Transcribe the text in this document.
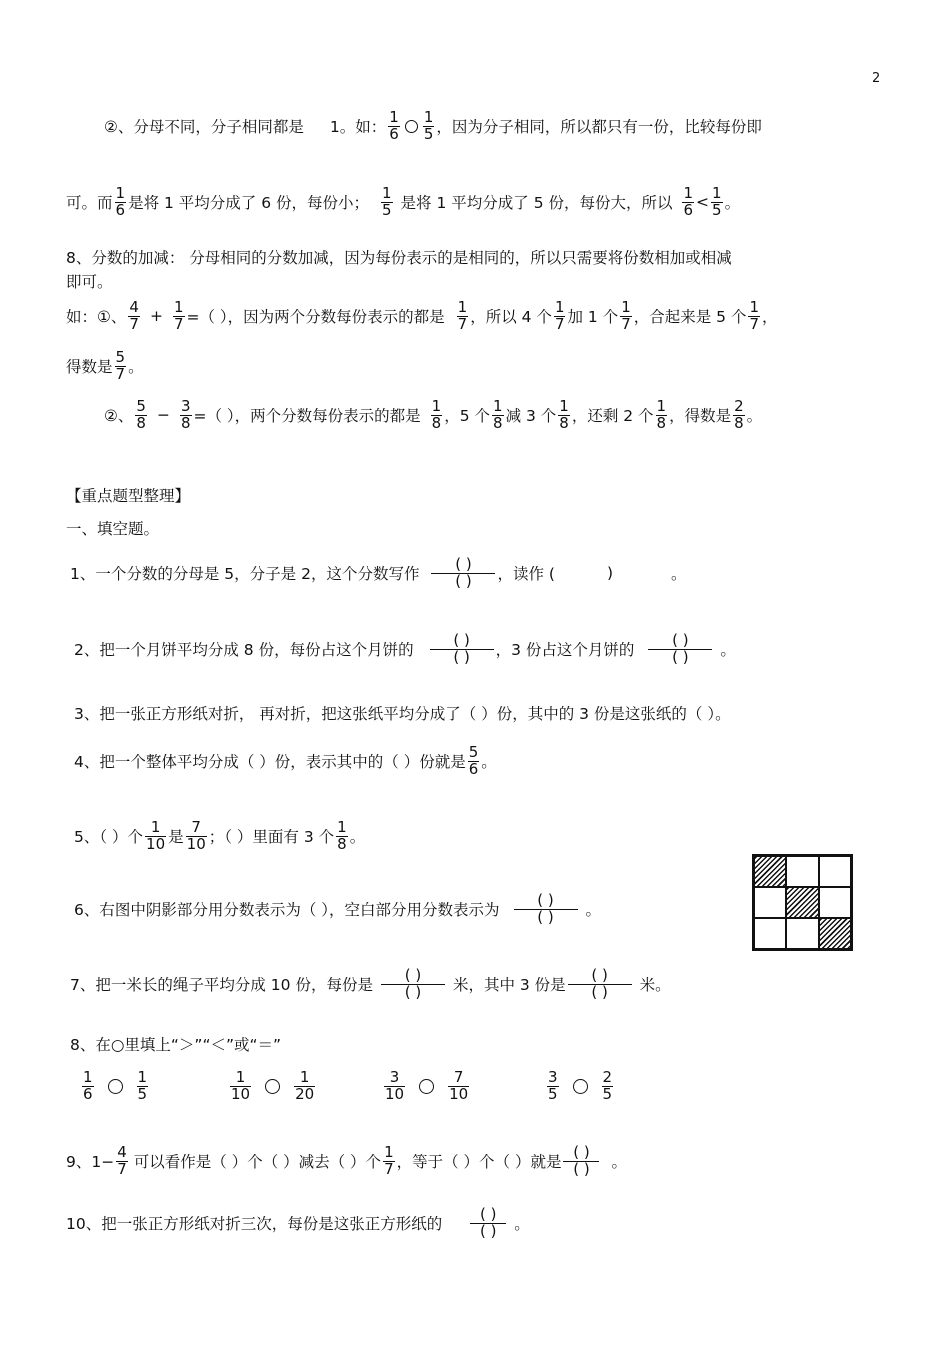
2
②、分母不同，分子相同都是 1。如： $\frac{1}{6} \frac{1}{5}$ ，因为分子相同，所以都只有一份，比较每份即
可。而 $\frac{1}{6}$ 是将 1 平均分成了 6 份，每份小； $\frac{1}{5}$ 是将 1 平均分成了 5 份，每份大，所以 $\frac{1}{6} < \frac{1}{5}$ 。
8、分数的加减： 分母相同的分数加减，因为每份表示的是相同的，所以只需要将份数相加或相减
即可。
如：①、 $\frac{4}{7} + \frac{1}{7}$ =（ ），因为两个分数每份表示的都是 $\frac{1}{7}$ ，所以 4 个 $\frac{1}{7}$ 加 1 个 $\frac{1}{7}$ ，合起来是 5 个 $\frac{1}{7}$ ，
得数是 $\frac{5}{7}$ 。
②、 $\frac{5}{8} - \frac{3}{8}$ =（ ），两个分数每份表示的都是 $\frac{1}{8}$ ，5 个 $\frac{1}{8}$ 减 3 个 $\frac{1}{8}$ ，还剩 2 个 $\frac{1}{8}$ ，得数是 $\frac{2}{8}$ 。
【重点题型整理】
一、填空题。
1、一个分数的分母是 5，分子是 2，这个分数写作 $\frac{( )}{( )}$ ，读作 (	)	。
2、把一个月饼平均分成 8 份，每份占这个月饼的 $\frac{( )}{( )}$ ，3 份占这个月饼的 $\frac{( )}{( )}$ 。
3、把一张正方形纸对折， 再对折，把这张纸平均分成了（ ）份，其中的 3 份是这张纸的（ ）。
4、把一个整体平均分成（ ）份，表示其中的（ ）份就是 $\frac{5}{6}$ 。
5、（ ）个 $\frac{1}{10}$ 是 $\frac{7}{10}$ ；（ ）里面有 3 个 $\frac{1}{8}$ 。
6、右图中阴影部分用分数表示为（ ），空白部分用分数表示为 $\frac{( )}{( )}$ 。
7、把一米长的绳子平均分成 10 份，每份是 $\frac{( )}{( )}$ 米，其中 3 份是 $\frac{( )}{( )}$ 米。
8、在○里填上“＞”“＜”或“＝”
$\frac{1}{6}$	$\frac{1}{5}$	$\frac{1}{10}$	$\frac{1}{20}$	$\frac{3}{10}$	$\frac{7}{10}$	$\frac{3}{5}$	$\frac{2}{5}$
9、$1- \frac{4}{7}$ 可以看作是（ ）个（ ）减去（ ）个 $\frac{1}{7}$ ，等于（ ）个（ ）就是 $\frac{( )}{( )}$ 。
10、把一张正方形纸对折三次，每份是这张正方形纸的 $\frac{( )}{( )}$ 。
